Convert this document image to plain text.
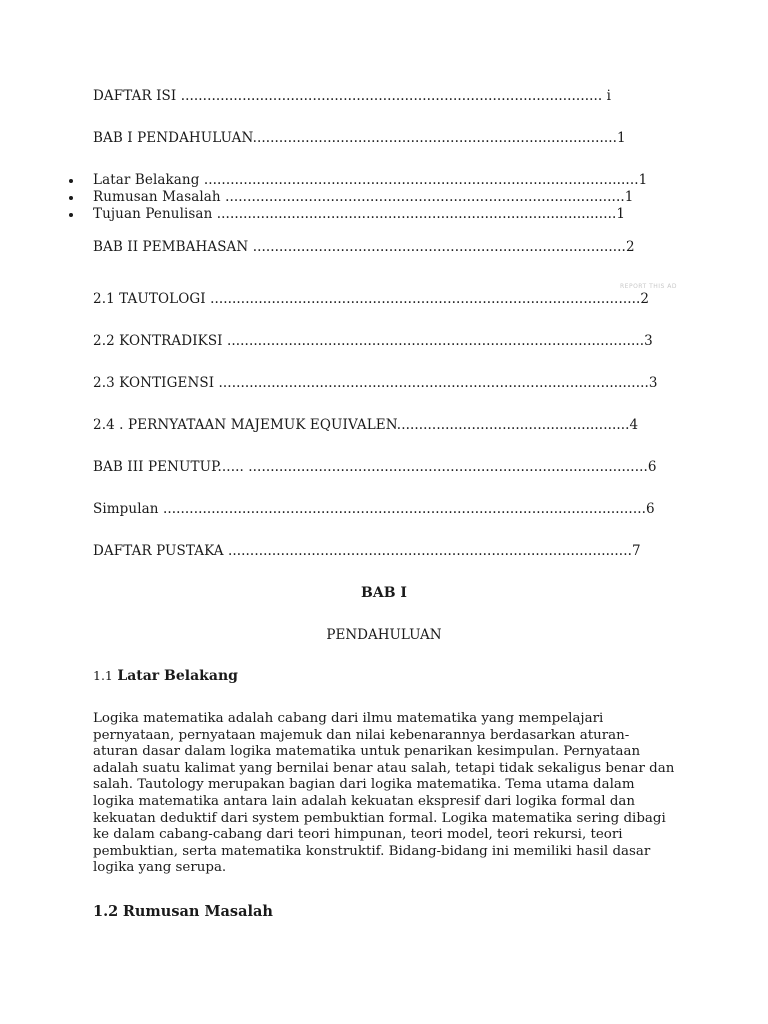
DAFTAR ISI ................................................................................................ i
BAB I PENDAHULUAN...................................................................................1
Latar Belakang ...................................................................................................1
Rumusan Masalah ...........................................................................................1
Tujuan Penulisan ...........................................................................................1
BAB II PEMBAHASAN .....................................................................................2
REPORT THIS AD
2.1 TAUTOLOGI ..................................................................................................2
2.2 KONTRADIKSI ...............................................................................................3
2.3 KONTIGENSI ..................................................................................................3
2.4 . PERNYATAAN MAJEMUK EQUIVALEN.....................................................4
BAB III PENUTUP...... ...........................................................................................6
Simpulan ..............................................................................................................6
DAFTAR PUSTAKA ............................................................................................7
BAB I
PENDAHULUAN
1.1 Latar Belakang
Logika matematika adalah cabang dari ilmu matematika yang mempelajari
pernyataan, pernyataan majemuk dan nilai kebenarannya berdasarkan aturan-
aturan dasar dalam logika matematika untuk penarikan kesimpulan. Pernyataan
adalah suatu kalimat yang bernilai benar atau salah, tetapi tidak sekaligus benar dan
salah. Tautology merupakan bagian dari logika matematika. Tema utama dalam
logika matematika antara lain adalah kekuatan ekspresif dari logika formal dan
kekuatan deduktif dari system pembuktian formal. Logika matematika sering dibagi
ke dalam cabang-cabang dari teori himpunan, teori model, teori rekursi, teori
pembuktian, serta matematika konstruktif. Bidang-bidang ini memiliki hasil dasar
logika yang serupa.
1.2 Rumusan Masalah
